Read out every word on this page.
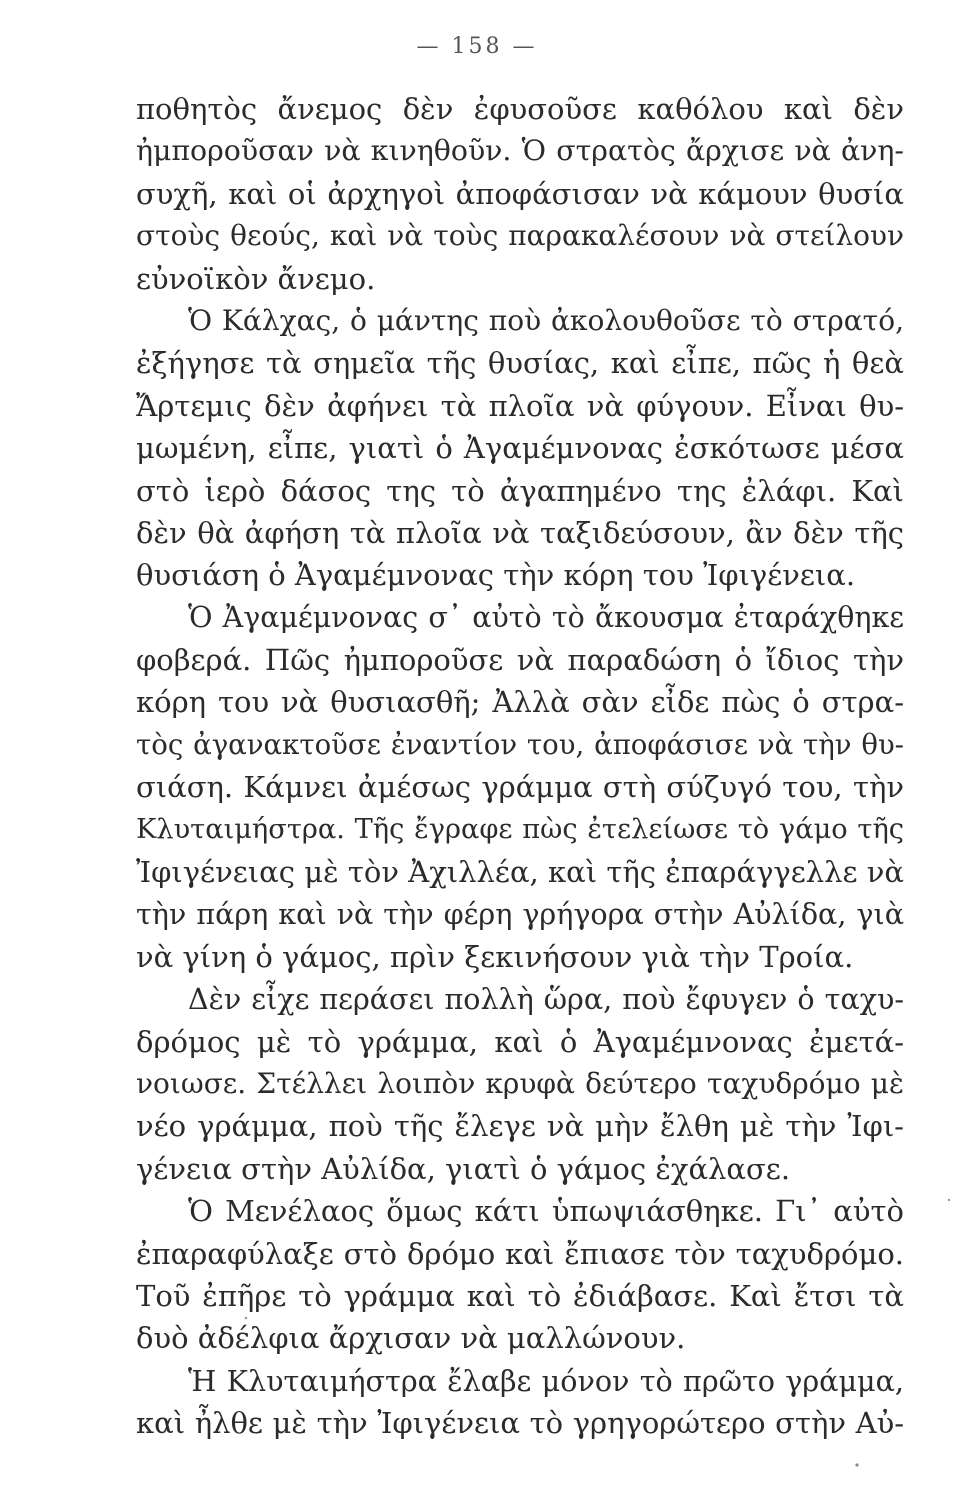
— 158 —
ποθητὸς ἄνεμος δὲν ἐφυσοῦσε καθόλου καὶ δὲν
ἠμποροῦσαν νὰ κινηθοῦν. Ὁ στρατὸς ἄρχισε νὰ ἀνη-
συχῆ, καὶ οἱ ἀρχηγοὶ ἀποφάσισαν νὰ κάμουν θυσία
στοὺς θεούς, καὶ νὰ τοὺς παρακαλέσουν νὰ στείλουν
εὐνοϊκὸν ἄνεμο.
Ὁ Κάλχας, ὁ μάντης ποὺ ἀκολουθοῦσε τὸ στρατό,
ἐξήγησε τὰ σημεῖα τῆς θυσίας, καὶ εἶπε, πῶς ἡ θεὰ
Ἄρτεμις δὲν ἀφήνει τὰ πλοῖα νὰ φύγουν. Εἶναι θυ-
μωμένη, εἶπε, γιατὶ ὁ Ἀγαμέμνονας ἐσκότωσε μέσα
στὸ ἱερὸ δάσος της τὸ ἀγαπημένο της ἐλάφι. Καὶ
δὲν θὰ ἀφήση τὰ πλοῖα νὰ ταξιδεύσουν, ἂν δὲν τῆς
θυσιάση ὁ Ἀγαμέμνονας τὴν κόρη του Ἰφιγένεια.
Ὁ Ἀγαμέμνονας σ᾿ αὐτὸ τὸ ἄκουσμα ἐταράχθηκε
φοβερά. Πῶς ἠμποροῦσε νὰ παραδώση ὁ ἴδιος τὴν
κόρη του νὰ θυσιασθῆ; Ἀλλὰ σὰν εἶδε πὼς ὁ στρα-
τὸς ἀγανακτοῦσε ἐναντίον του, ἀποφάσισε νὰ τὴν θυ-
σιάση. Κάμνει ἀμέσως γράμμα στὴ σύζυγό του, τὴν
Κλυταιμήστρα. Τῆς ἔγραφε πὼς ἐτελείωσε τὸ γάμο τῆς
Ἰφιγένειας μὲ τὸν Ἀχιλλέα, καὶ τῆς ἐπαράγγελλε νὰ
τὴν πάρη καὶ νὰ τὴν φέρη γρήγορα στὴν Αὐλίδα, γιὰ
νὰ γίνη ὁ γάμος, πρὶν ξεκινήσουν γιὰ τὴν Τροία.
Δὲν εἶχε περάσει πολλὴ ὥρα, ποὺ ἔφυγεν ὁ ταχυ-
δρόμος μὲ τὸ γράμμα, καὶ ὁ Ἀγαμέμνονας ἐμετά-
νοιωσε. Στέλλει λοιπὸν κρυφὰ δεύτερο ταχυδρόμο μὲ
νέο γράμμα, ποὺ τῆς ἔλεγε νὰ μὴν ἔλθη μὲ τὴν Ἰφι-
γένεια στὴν Αὐλίδα, γιατὶ ὁ γάμος ἐχάλασε.
Ὁ Μενέλαος ὅμως κάτι ὑπωψιάσθηκε. Γι᾿ αὐτὸ
ἐπαραφύλαξε στὸ δρόμο καὶ ἔπιασε τὸν ταχυδρόμο.
Τοῦ ἐπῆρε τὸ γράμμα καὶ τὸ ἐδιάβασε. Καὶ ἔτσι τὰ
δυὸ ἀδέλφια ἄρχισαν νὰ μαλλώνουν.
Ἡ Κλυταιμήστρα ἔλαβε μόνον τὸ πρῶτο γράμμα,
καὶ ἦλθε μὲ τὴν Ἰφιγένεια τὸ γρηγορώτερο στὴν Αὐ-
